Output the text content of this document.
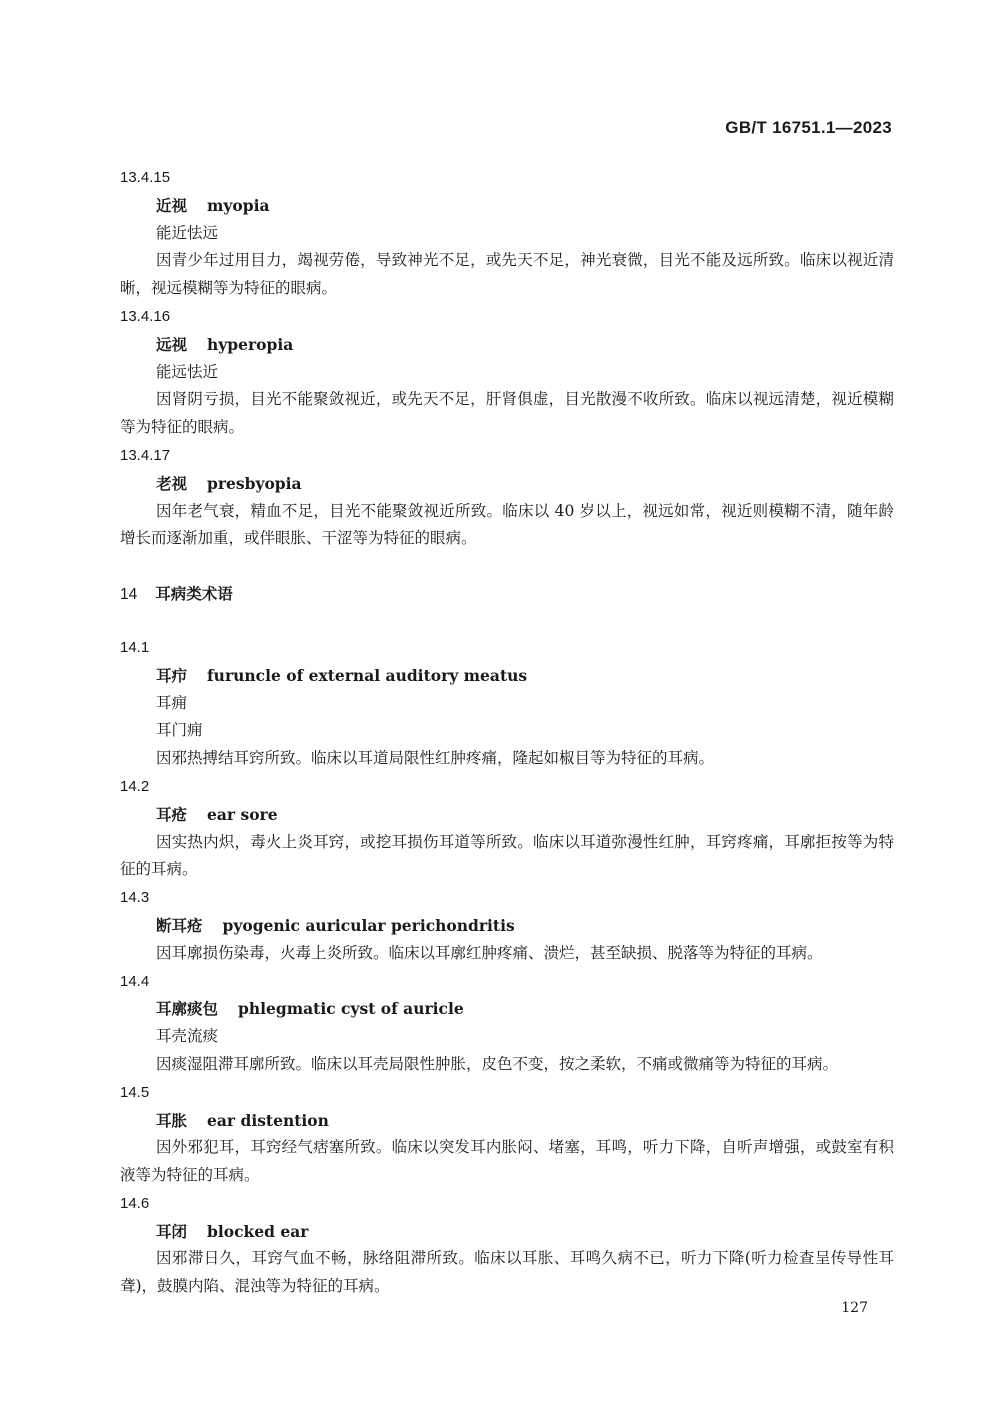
GB/T 16751.1—2023
13.4.15
近视 myopia
能近怯远
因青少年过用目力，竭视劳倦，导致神光不足，或先天不足，神光衰微，目光不能及远所致。临床以视近清晰，视远模糊等为特征的眼病。
13.4.16
远视 hyperopia
能远怯近
因肾阴亏损，目光不能聚敛视近，或先天不足，肝肾俱虚，目光散漫不收所致。临床以视远清楚，视近模糊等为特征的眼病。
13.4.17
老视 presbyopia
因年老气衰，精血不足，目光不能聚敛视近所致。临床以 40 岁以上，视远如常，视近则模糊不清，随年龄增长而逐渐加重，或伴眼胀、干涩等为特征的眼病。
14 耳病类术语
14.1
耳疖 furuncle of external auditory meatus
耳痈
耳门痈
因邪热搏结耳窍所致。临床以耳道局限性红肿疼痛，隆起如椒目等为特征的耳病。
14.2
耳疮 ear sore
因实热内炽，毒火上炎耳窍，或挖耳损伤耳道等所致。临床以耳道弥漫性红肿，耳窍疼痛，耳廓拒按等为特征的耳病。
14.3
断耳疮 pyogenic auricular perichondritis
因耳廓损伤染毒，火毒上炎所致。临床以耳廓红肿疼痛、溃烂，甚至缺损、脱落等为特征的耳病。
14.4
耳廓痰包 phlegmatic cyst of auricle
耳壳流痰
因痰湿阻滞耳廓所致。临床以耳壳局限性肿胀，皮色不变，按之柔软，不痛或微痛等为特征的耳病。
14.5
耳胀 ear distention
因外邪犯耳，耳窍经气痞塞所致。临床以突发耳内胀闷、堵塞，耳鸣，听力下降，自听声增强，或鼓室有积液等为特征的耳病。
14.6
耳闭 blocked ear
因邪滞日久，耳窍气血不畅，脉络阻滞所致。临床以耳胀、耳鸣久病不已，听力下降(听力检查呈传导性耳聋)，鼓膜内陷、混浊等为特征的耳病。
127
